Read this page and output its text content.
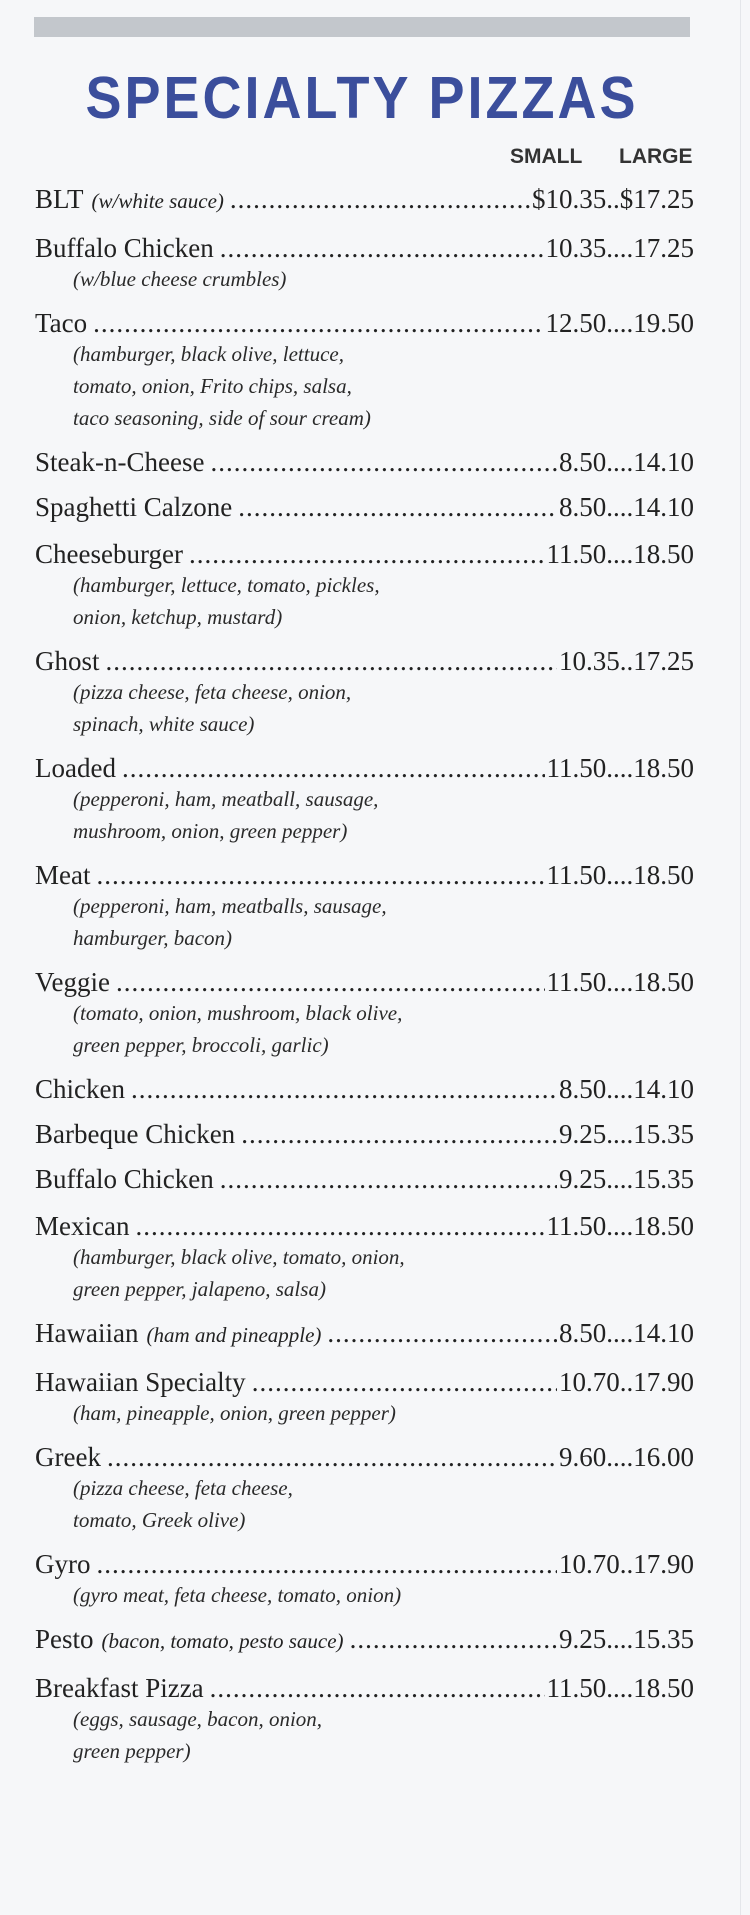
SPECIALTY PIZZAS
SMALL LARGE
BLT (w/white sauce) .....	$10.35..$17.25
Buffalo Chicken .....	10.35....17.25
(w/blue cheese crumbles)
Taco .....	12.50....19.50
(hamburger, black olive, lettuce,
tomato, onion, Frito chips, salsa,
taco seasoning, side of sour cream)
Steak-n-Cheese .....	8.50....14.10
Spaghetti Calzone .....	8.50....14.10
Cheeseburger .....	11.50....18.50
(hamburger, lettuce, tomato, pickles,
onion, ketchup, mustard)
Ghost .....	10.35..17.25
(pizza cheese, feta cheese, onion,
spinach, white sauce)
Loaded .....	11.50....18.50
(pepperoni, ham, meatball, sausage,
mushroom, onion, green pepper)
Meat .....	11.50....18.50
(pepperoni, ham, meatballs, sausage,
hamburger, bacon)
Veggie .....	11.50....18.50
(tomato, onion, mushroom, black olive,
green pepper, broccoli, garlic)
Chicken .....	8.50....14.10
Barbeque Chicken .....	9.25....15.35
Buffalo Chicken .....	9.25....15.35
Mexican .....	11.50....18.50
(hamburger, black olive, tomato, onion,
green pepper, jalapeno, salsa)
Hawaiian (ham and pineapple) .....	8.50....14.10
Hawaiian Specialty .....	10.70..17.90
(ham, pineapple, onion, green pepper)
Greek .....	9.60....16.00
(pizza cheese, feta cheese,
tomato, Greek olive)
Gyro .....	10.70..17.90
(gyro meat, feta cheese, tomato, onion)
Pesto (bacon, tomato, pesto sauce) .....	9.25....15.35
Breakfast Pizza .....	11.50....18.50
(eggs, sausage, bacon, onion,
green pepper)
